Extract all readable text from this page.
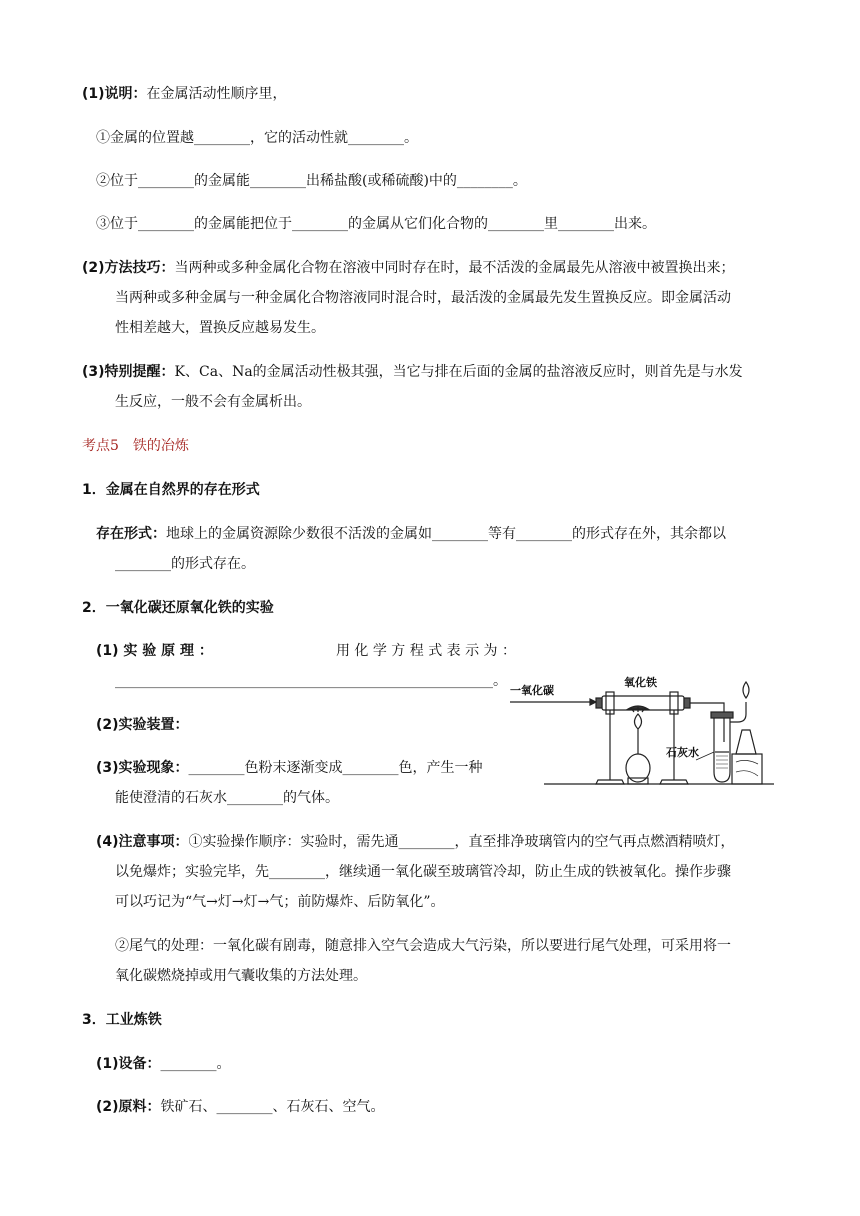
(1)说明：在金属活动性顺序里，
①金属的位置越________，它的活动性就________。
②位于________的金属能________出稀盐酸(或稀硫酸)中的________。
③位于________的金属能把位于________的金属从它们化合物的________里________出来。
(2)方法技巧：当两种或多种金属化合物在溶液中同时存在时，最不活泼的金属最先从溶液中被置换出来；
当两种或多种金属与一种金属化合物溶液同时混合时，最活泼的金属最先发生置换反应。即金属活动
性相差越大，置换反应越易发生。
(3)特别提醒：K、Ca、Na的金属活动性极其强，当它与排在后面的金属的盐溶液反应时，则首先是与水发
生反应，一般不会有金属析出。
考点5　铁的冶炼
1．金属在自然界的存在形式
存在形式：地球上的金属资源除少数很不活泼的金属如________等有________的形式存在外，其余都以
________的形式存在。
2．一氧化碳还原氧化铁的实验
(1) 实 验 原 理 ：	用 化 学 方 程 式 表 示 为 ：
______________________________________________________。
(2)实验装置：
(3)实验现象：________色粉末逐渐变成________色，产生一种
能使澄清的石灰水________的气体。
一氧化碳
氧化铁
石灰水
(4)注意事项：①实验操作顺序：实验时，需先通________，直至排净玻璃管内的空气再点燃酒精喷灯，
以免爆炸；实验完毕，先________，继续通一氧化碳至玻璃管冷却，防止生成的铁被氧化。操作步骤
可以巧记为“气→灯→灯→气；前防爆炸、后防氧化”。
②尾气的处理：一氧化碳有剧毒，随意排入空气会造成大气污染，所以要进行尾气处理，可采用将一
氧化碳燃烧掉或用气囊收集的方法处理。
3．工业炼铁
(1)设备：________。
(2)原料：铁矿石、________、石灰石、空气。
